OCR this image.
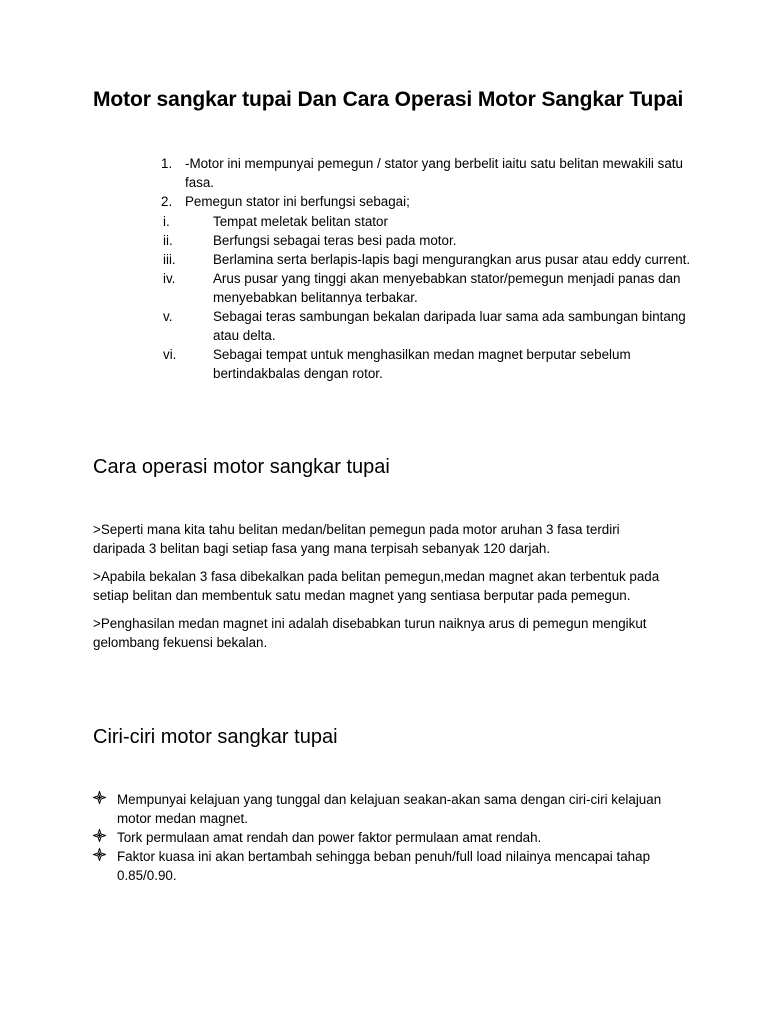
Motor sangkar tupai Dan Cara Operasi Motor Sangkar Tupai
1. -Motor ini mempunyai pemegun / stator yang berbelit iaitu satu belitan mewakili satu fasa.
2. Pemegun stator ini berfungsi sebagai;
i.	Tempat meletak belitan stator
ii.	Berfungsi sebagai teras besi pada motor.
iii.	Berlamina serta berlapis-lapis bagi mengurangkan arus pusar atau eddy current.
iv.	Arus pusar yang tinggi akan menyebabkan stator/pemegun menjadi panas dan menyebabkan belitannya terbakar.
v.	Sebagai teras sambungan bekalan daripada luar sama ada sambungan bintang atau delta.
vi.	Sebagai tempat untuk menghasilkan medan magnet berputar sebelum bertindakbalas dengan rotor.
Cara operasi motor sangkar tupai

>Seperti mana kita tahu belitan medan/belitan pemegun pada motor aruhan 3 fasa terdiri daripada 3 belitan bagi setiap fasa yang mana terpisah sebanyak 120 darjah.

>Apabila bekalan 3 fasa dibekalkan pada belitan pemegun,medan magnet akan terbentuk pada setiap belitan dan membentuk satu medan magnet yang sentiasa berputar pada pemegun.

>Penghasilan medan magnet ini adalah disebabkan turun naiknya arus di pemegun mengikut gelombang fekuensi bekalan.

Ciri-ciri motor sangkar tupai
Mempunyai kelajuan yang tunggal dan kelajuan seakan-akan sama dengan ciri-ciri kelajuan motor medan magnet.
Tork permulaan amat rendah dan power faktor permulaan amat rendah.
Faktor kuasa ini akan bertambah sehingga beban penuh/full load nilainya mencapai tahap 0.85/0.90.
